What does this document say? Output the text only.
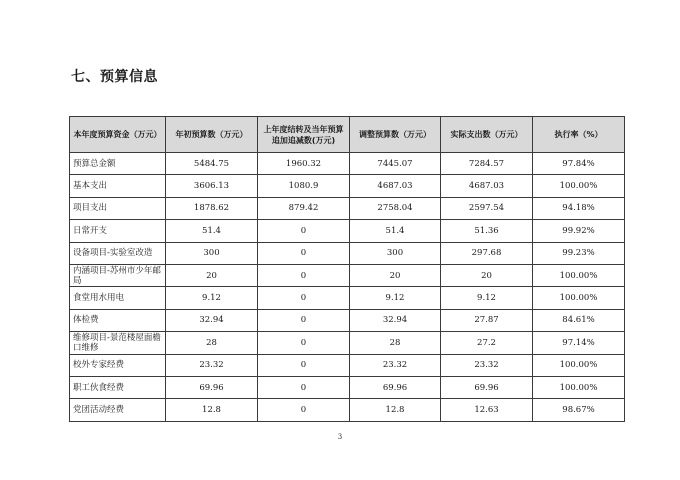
七、预算信息
本年度预算资金（万元）	年初预算数（万元）	上年度结转及当年预算追加追减数(万元)	调整预算数（万元）	实际支出数（万元）	执行率（%）
预算总金额	5484.75	1960.32	7445.07	7284.57	97.84%
基本支出	3606.13	1080.9	4687.03	4687.03	100.00%
项目支出	1878.62	879.42	2758.04	2597.54	94.18%
日常开支	51.4	0	51.4	51.36	99.92%
设备项目-实验室改造	300	0	300	297.68	99.23%
内涵项目-苏州市少年邮局	20	0	20	20	100.00%
食堂用水用电	9.12	0	9.12	9.12	100.00%
体检费	32.94	0	32.94	27.87	84.61%
维修项目-景范楼屋面檐口维修	28	0	28	27.2	97.14%
校外专家经费	23.32	0	23.32	23.32	100.00%
职工伙食经费	69.96	0	69.96	69.96	100.00%
党团活动经费	12.8	0	12.8	12.63	98.67%
3
